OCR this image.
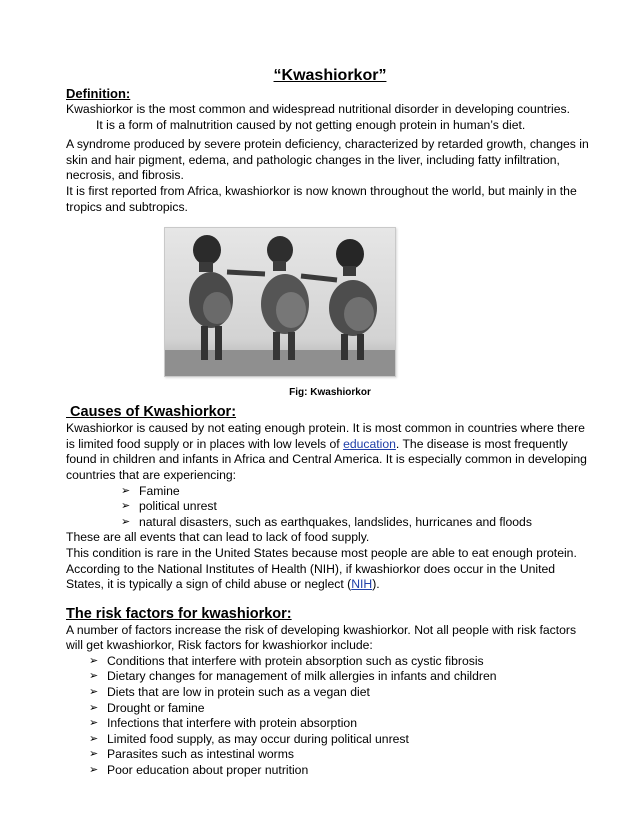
“Kwashiorkor”
Definition:

Kwashiorkor is the most common and widespread nutritional disorder in developing countries.

It is a form of malnutrition caused by not getting enough protein in human’s diet.

A syndrome produced by severe protein deficiency, characterized by retarded growth, changes in skin and hair pigment, edema, and pathologic changes in the liver, including fatty infiltration, necrosis, and fibrosis.

It is first reported from Africa, kwashiorkor is now known throughout the world, but mainly in the tropics and subtropics.

Fig: Kwashiorkor
Causes of Kwashiorkor:

Kwashiorkor is caused by not eating enough protein. It is most common in countries where there is limited food supply or in places with low levels of education. The disease is most frequently found in children and infants in Africa and Central America. It is especially common in developing countries that are experiencing:

➢ Famine
➢ political unrest
➢ natural disasters, such as earthquakes, landslides, hurricanes and floods

These are all events that can lead to lack of food supply.

This condition is rare in the United States because most people are able to eat enough protein. According to the National Institutes of Health (NIH), if kwashiorkor does occur in the United States, it is typically a sign of child abuse or neglect (NIH).

The risk factors for kwashiorkor:

A number of factors increase the risk of developing kwashiorkor. Not all people with risk factors will get kwashiorkor, Risk factors for kwashiorkor include:

➢ Conditions that interfere with protein absorption such as cystic fibrosis
➢ Dietary changes for management of milk allergies in infants and children
➢ Diets that are low in protein such as a vegan diet
➢ Drought or famine
➢ Infections that interfere with protein absorption
➢ Limited food supply, as may occur during political unrest
➢ Parasites such as intestinal worms
➢ Poor education about proper nutrition
